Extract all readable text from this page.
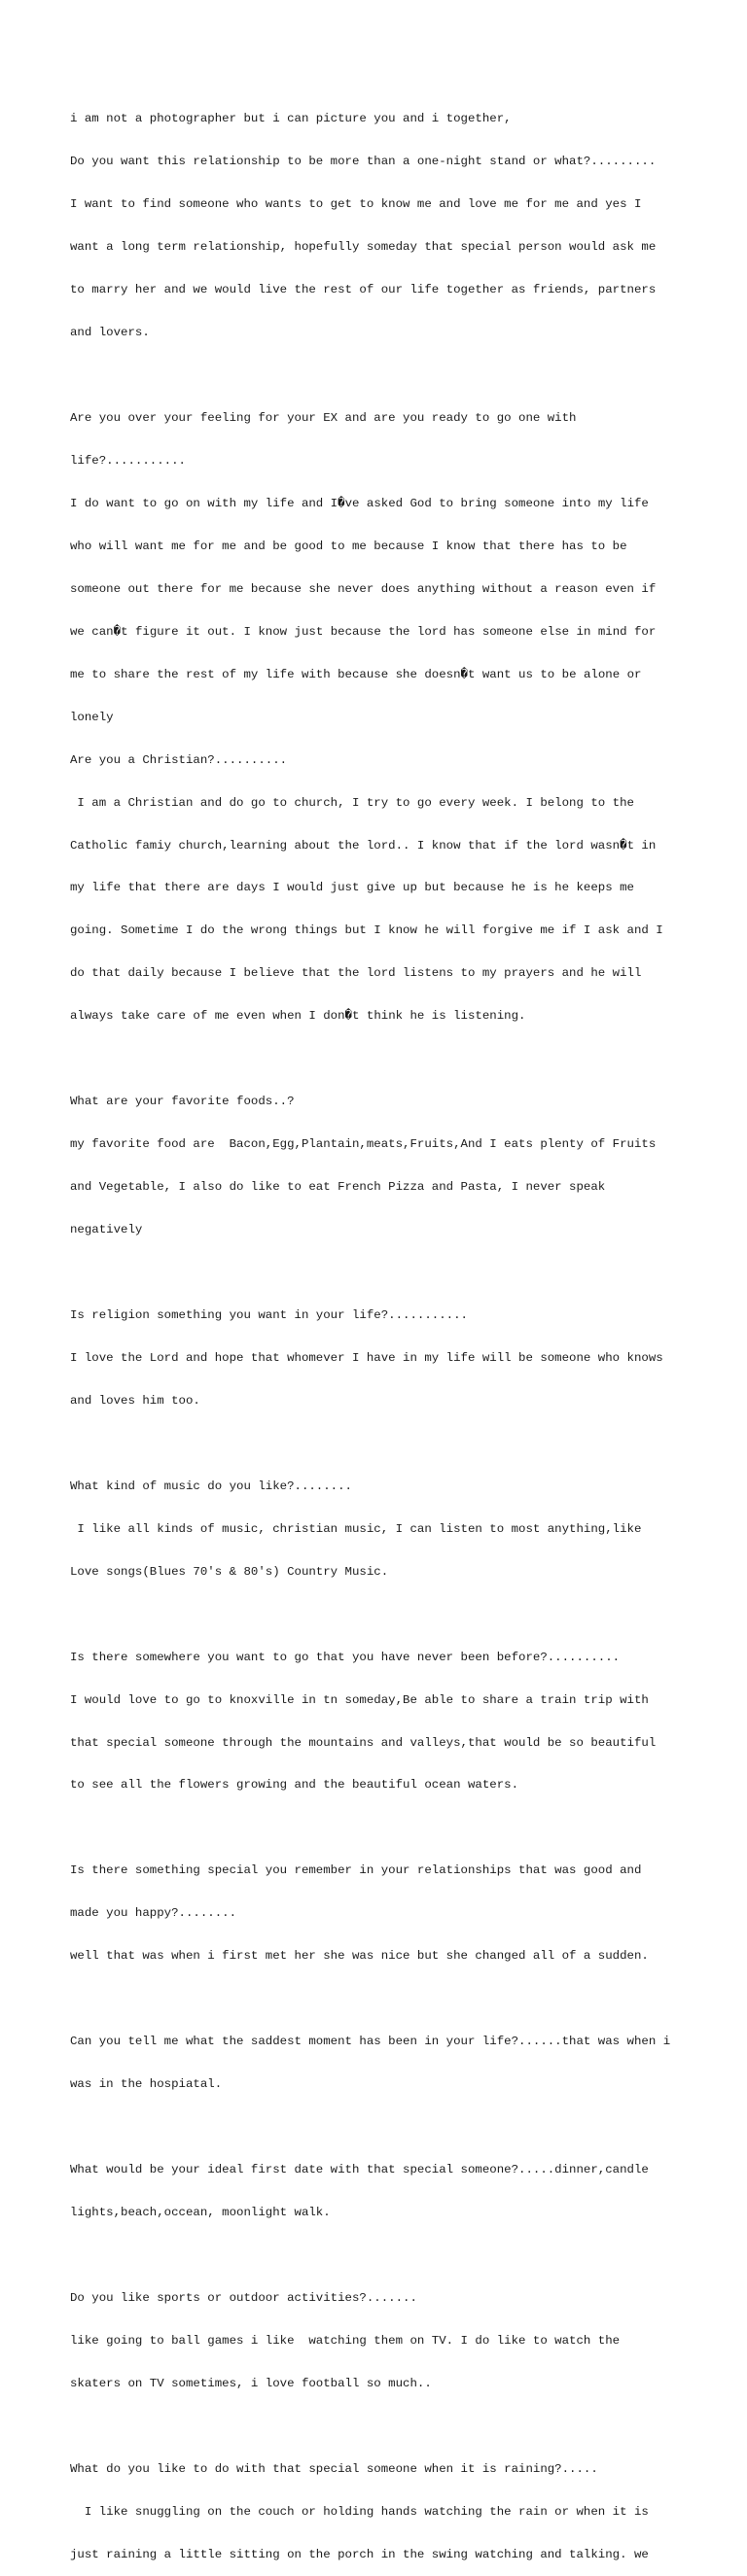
i am not a photographer but i can picture you and i together,

Do you want this relationship to be more than a one-night stand or what?.........

I want to find someone who wants to get to know me and love me for me and yes I

want a long term relationship, hopefully someday that special person would ask me

to marry her and we would live the rest of our life together as friends, partners

and lovers.

Are you over your feeling for your EX and are you ready to go one with

life?...........

I do want to go on with my life and I�ve asked God to bring someone into my life

who will want me for me and be good to me because I know that there has to be

someone out there for me because she never does anything without a reason even if

we can�t figure it out. I know just because the lord has someone else in mind for

me to share the rest of my life with because she doesn�t want us to be alone or

lonely

Are you a Christian?..........

I am a Christian and do go to church, I try to go every week. I belong to the

Catholic famiy church,learning about the lord.. I know that if the lord wasn�t in

my life that there are days I would just give up but because he is he keeps me

going. Sometime I do the wrong things but I know he will forgive me if I ask and I

do that daily because I believe that the lord listens to my prayers and he will

always take care of me even when I don�t think he is listening.

What are your favorite foods..?

my favorite food are  Bacon,Egg,Plantain,meats,Fruits,And I eats plenty of Fruits

and Vegetable, I also do like to eat French Pizza and Pasta, I never speak

negatively

Is religion something you want in your life?...........

I love the Lord and hope that whomever I have in my life will be someone who knows

and loves him too.

What kind of music do you like?........

I like all kinds of music, christian music, I can listen to most anything,like

Love songs(Blues 70's & 80's) Country Music.

Is there somewhere you want to go that you have never been before?..........

I would love to go to knoxville in tn someday,Be able to share a train trip with

that special someone through the mountains and valleys,that would be so beautiful

to see all the flowers growing and the beautiful ocean waters.

Is there something special you remember in your relationships that was good and

made you happy?........

well that was when i first met her she was nice but she changed all of a sudden.

Can you tell me what the saddest moment has been in your life?......that was when i

was in the hospiatal.

What would be your ideal first date with that special someone?.....dinner,candle

lights,beach,occean, moonlight walk.

Do you like sports or outdoor activities?.......

like going to ball games i like  watching them on TV. I do like to watch the

skaters on TV sometimes, i love football so much..

What do you like to do with that special someone when it is raining?.....

I like snuggling on the couch or holding hands watching the rain or when it is

just raining a little sitting on the porch in the swing watching and talking. we
